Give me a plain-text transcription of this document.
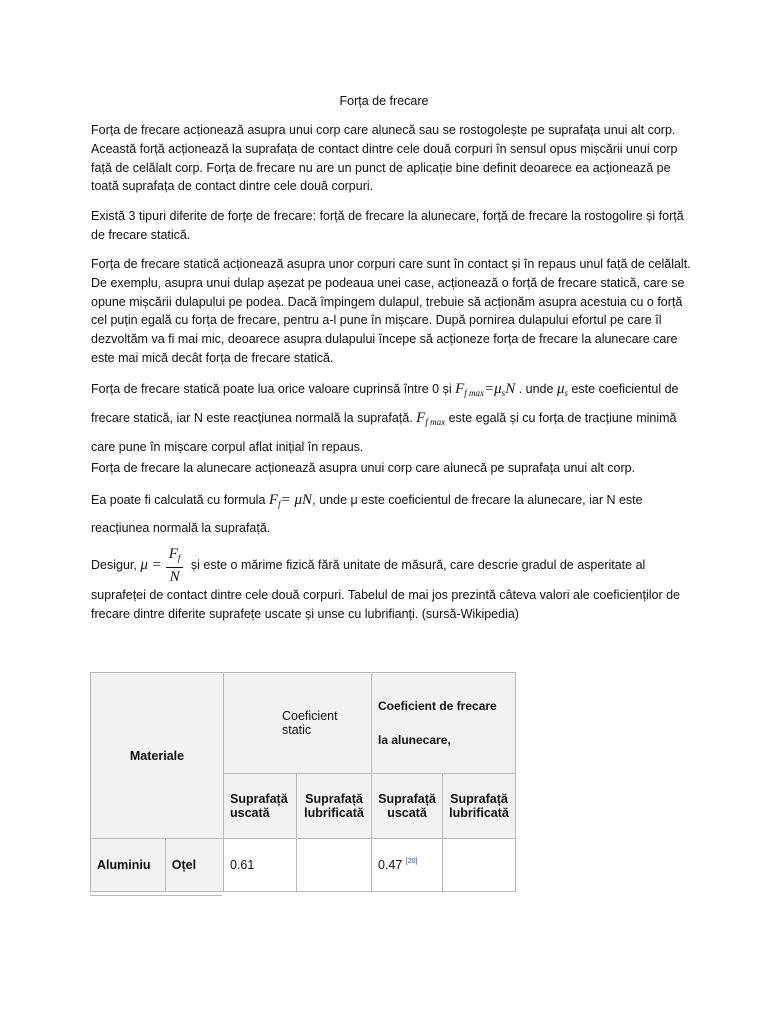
Forța de frecare
Forța de frecare acționează asupra unui corp care alunecă sau se rostogolește pe suprafața unui alt corp. Această forță acționează la suprafața de contact dintre cele două corpuri în sensul opus mișcării unui corp față de celălalt corp. Forța de frecare nu are un punct de aplicație bine definit deoarece ea acționează pe toată suprafața de contact dintre cele două corpuri.
Există 3 tipuri diferite de forțe de frecare: forță de frecare la alunecare, forță de frecare la rostogolire și forță de frecare statică.
Forța de frecare statică acționează asupra unor corpuri care sunt în contact și în repaus unul față de celălalt. De exemplu, asupra unui dulap așezat pe podeaua unei case, acționează o forță de frecare statică, care se opune mișcării dulapului pe podea. Dacă împingem dulapul, trebuie să acționăm asupra acestuia cu o forță cel puțin egală cu forța de frecare, pentru a-l pune în mișcare. După pornirea dulapului efortul pe care îl dezvoltăm va fi mai mic, deoarece asupra dulapului începe să acționeze forța de frecare la alunecare care este mai mică decât forța de frecare statică.
Forța de frecare statică poate lua orice valoare cuprinsă între 0 și $F_{f max}=\mu_sN$ . unde $\mu_s$ este coeficientul de frecare statică, iar N este reacțiunea normală la suprafață. $F_{f max}$ este egală și cu forța de tracțiune minimă care pune în mișcare corpul aflat inițial în repaus.
Forța de frecare la alunecare acționează asupra unui corp care alunecă pe suprafața unui alt corp.
Ea poate fi calculată cu formula $F_f= \mu N$, unde μ este coeficientul de frecare la alunecare, iar N este reacțiunea normală la suprafață.
Desigur, $\mu = \frac{F_f}{N}$ și este o mărime fizică fără unitate de măsură, care descrie gradul de asperitate al suprafeței de contact dintre cele două corpuri. Tabelul de mai jos prezintă câteva valori ale coeficienților de frecare dintre diferite suprafețe uscate și unse cu lubrifianți. (sursă-Wikipedia)
Materiale		Coeficient static		Coeficient de frecare
la alunecare,	
		Suprafață uscată	Suprafață lubrificată	Suprafață uscată	Suprafață lubrificată
Aluminiu	Oțel	0.61		0.47 [20]	
